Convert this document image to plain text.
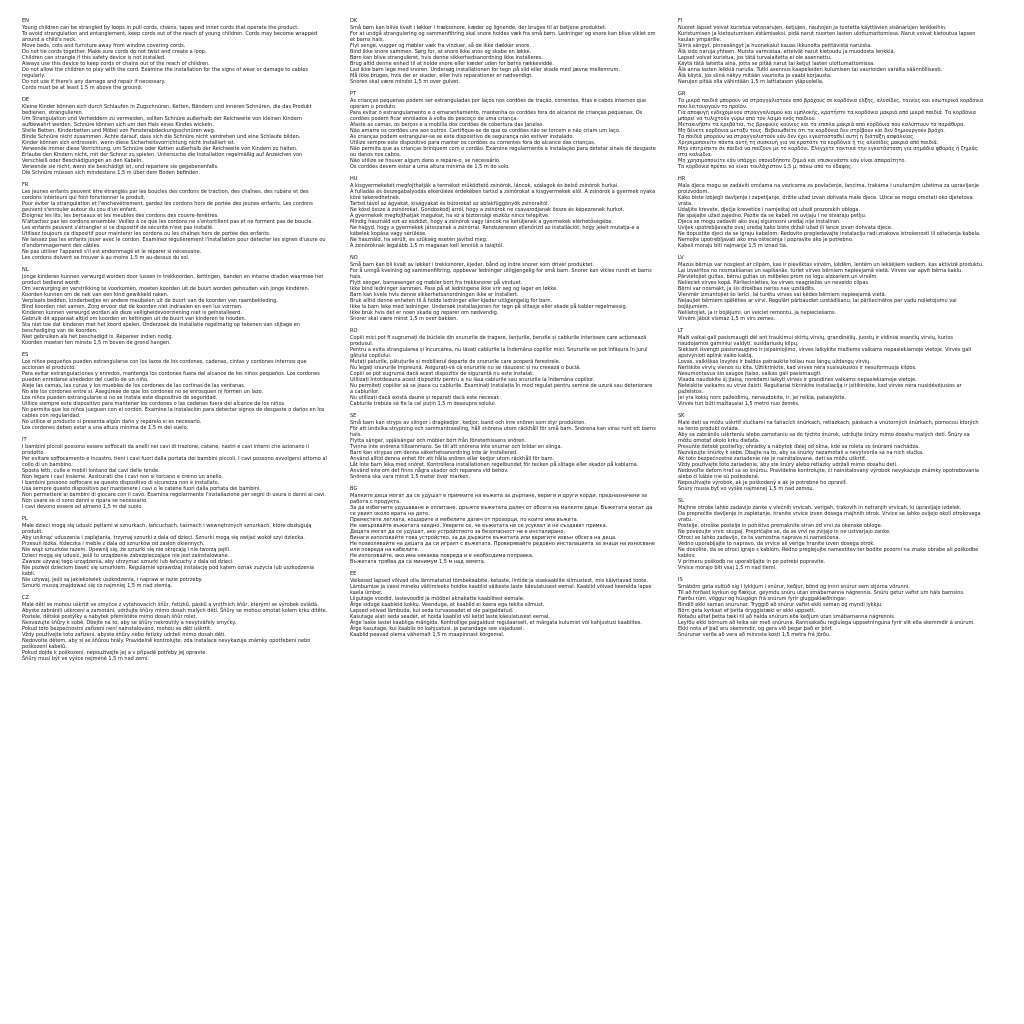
EN
Young children can be strangled by loops in pull cords, chains, tapes and inner cords that operate the product.
To avoid strangulation and entanglement, keep cords out of the reach of young children. Cords may become wrapped around a child's neck.
Move beds, cots and furniture away from window covering cords.
Do not tie cords together. Make sure cords do not twist and create a loop.
Children can strangle if this safety device is not installed.
Always use this device to keep cords or chains out of the reach of children.
Do not allow the children to play with the cord. Examine the installation for the signs of wear or damage to cables regularly.
Do not use if there's any damage and repair if necessary.
Cords must be at least 1.5 m above the ground.
DE
Kleine Kinder können sich durch Schlaufen in Zugschnüren, Ketten, Bändern und inneren Schnüren, die das Produkt bedienen, strangulieren.
Um Strangulation und Verheddern zu vermeiden, sollten Schnüre außerhalb der Reichweite von kleinen Kindern aufbewahrt werden. Schnüre können sich um den Hals eines Kindes wickeln.
Stelle Betten, Kinderbetten und Möbel von Fensterabdeckungsschnüren weg.
Binde Schnüre nicht zusammen. Achte darauf, dass sich die Schnüre nicht verdrehen und eine Schlaufe bilden.
Kinder können sich erdrosseln, wenn diese Sicherheitsvorrichtung nicht installiert ist.
Verwende immer diese Vorrichtung, um Schnüre oder Ketten außerhalb der Reichweite von Kindern zu halten.
Erlaube den Kindern nicht, mit der Schnur zu spielen. Untersuche die Installation regelmäßig auf Anzeichen von Verschleiß oder Beschädigungen an den Kabeln.
Verwende sie nicht, wenn sie beschädigt ist, und repariere sie gegebenenfalls.
Die Schnüre müssen sich mindestens 1,5 m über dem Boden befinden.
FR
Les jeunes enfants peuvent être étranglés par les boucles des cordons de traction, des chaînes, des rubans et des cordons intérieurs qui font fonctionner le produit.
Pour éviter la strangulation et l'enchevêtrement, gardez les cordons hors de portée des jeunes enfants. Les cordons peuvent s'enrouler autour du cou d'un enfant.
Éloignez les lits, les berceaux et les meubles des cordons des couvre-fenêtres.
N'attachez pas les cordons ensemble. Veillez à ce que les cordons ne s'entortillent pas et ne forment pas de boucle.
Les enfants peuvent s'étrangler si ce dispositif de sécurité n'est pas installé.
Utilisez toujours ce dispositif pour maintenir les cordons ou les chaînes hors de portée des enfants.
Ne laissez pas les enfants jouer avec le cordon. Examinez régulièrement l'installation pour détecter les signes d'usure ou d'endommagement des câbles.
Ne pas utiliser l'appareil s'il est endommagé et le réparer si nécessaire.
Les cordons doivent se trouver à au moins 1,5 m au-dessus du sol.
NL
Jonge kinderen kunnen verwurgd worden door lussen in trekkoorden, kettingen, banden en interne draden waarmee het product bediend wordt.
Om verwurging en verstrikking te voorkomen, moeten koorden uit de buurt worden gehouden van jonge kinderen. Koorden kunnen om de nek van een kind gewikkeld raken.
Verplaats bedden, kinderbedjes en andere meubelen uit de buurt van de koorden van raambekleding.
Bind koorden niet samen. Zorg ervoor dat de koorden niet indraaien en een lus vormen.
Kinderen kunnen verwurgd worden als deze veiligheidsvoorziening niet is geïnstalleerd.
Gebruik dit apparaat altijd om koorden en kettingen uit de buurt van kinderen te houden.
Sta niet toe dat kinderen met het koord spelen. Onderzoek de installatie regelmatig op tekenen van slijtage en beschadiging van de koorden.
Niet gebruiken als het beschadigd is. Repareer indien nodig.
Koorden moeten ten minste 1,5 m boven de grond hangen.
ES
Los niños pequeños pueden estrangularse con los lazos de los cordones, cadenas, cintas y cordones internos que accionan el producto.
Para evitar estrangulaciones y enredos, mantenga los cordones fuera del alcance de los niños pequeños. Los cordones pueden enredarse alrededor del cuello de un niño.
Aleje las camas, las cunas y los muebles de los cordones de las cortinas de las ventanas.
No ate los cordones entre sí. Asegúrese de que los cordones no se enrosquen ni formen un lazo.
Los niños pueden estrangularse si no se instala este dispositivo de seguridad.
Utilice siempre este dispositivo para mantener los cordones o las cadenas fuera del alcance de los niños.
No permita que los niños jueguen con el cordón. Examine la instalación para detectar signos de desgaste o daños en los cables con regularidad.
No utilice el producto si presenta algún daño y repárelo si es necesario.
Los cordones deben estar a una altura mínima de 1,5 m del suelo.
IT
I bambini piccoli possono essere soffocati da anelli nei cavi di trazione, catene, nastri e cavi interni che azionano il prodotto.
Per evitare soffocamento e incastro, tieni i cavi fuori dalla portata dei bambini piccoli. I cavi possono avvolgersi attorno al collo di un bambino.
Sposta letti, culle e mobili lontano dai cavi delle tende.
Non legare i cavi insieme. Assicurati che i cavi non si torcano e creino un anello.
I bambini possono soffocare se questo dispositivo di sicurezza non è installato.
Usa sempre questo dispositivo per mantenere i cavi o le catene fuori dalla portata dei bambini.
Non permettere ai bambini di giocare con il cavo. Esamina regolarmente l'installazione per segni di usura o danni ai cavi.
Non usare se ci sono danni e ripara se necessario.
I cavi devono essere ad almeno 1,5 m dal suolo.
PL
Małe dzieci mogą się udusić pętlami w sznurkach, łańcuchach, taśmach i wewnętrznych sznurkach, które obsługują produkt.
Aby uniknąć uduszenia i zaplątania, trzymaj sznurki z dala od dzieci. Sznurki mogą się owijać wokół szyi dziecka.
Przesuń łóżka, łóżeczka i meble z dala od sznurków od zasłon okiennych.
Nie wiąż sznurków razem. Upewnij się, że sznurki się nie skręcają i nie tworzą pętli.
Dzieci mogą się udusić, jeśli to urządzenie zabezpieczające nie jest zainstalowane.
Zawsze używaj tego urządzenia, aby utrzymać sznurki lub łańcuchy z dala od dzieci.
Nie pozwól dzieciom bawić się sznurkiem. Regularnie sprawdzaj instalację pod kątem oznak zużycia lub uszkodzenia kabli.
Nie używaj, jeśli są jakiekolwiek uszkodzenia, i napraw w razie potrzeby.
Sznurki muszą znajdować się co najmniej 1,5 m nad ziemią.
CZ
Malé děti se mohou uškrtit ve smyčce z vytahovacích šňůr, řetízků, pásků a vnitřních šňůr, kterými se výrobek ovládá.
Abyste zabránili uškrcení a zamotání, udržujte šňůry mimo dosah malých dětí. Šňůry se mohou omotat kolem krku dítěte.
Postele, dětské postýlky a nábytek přemístěte mimo dosah šňůr rolet.
Nesvazujte šňůry k sobě. Dbejte na to, aby se šňůry nekroutily a nevytvářely smyčky.
Pokud toto bezpečnostní zařízení není nainstalováno, mohou se děti uškrtit.
Vždy používejte toto zařízení, abyste šňůry nebo řetízky udrželi mimo dosah dětí.
Nedovolte dětem, aby si se šňůrou hrály. Pravidelně kontrolujte, zda instalace nevykazuje známky opotřebení nebo poškození kabelů.
Pokud dojde k poškození, nepoužívejte jej a v případě potřeby jej opravte.
Šňůry musí být ve výšce nejméně 1,5 m nad zemí.
DK
Små børn kan blive kvalt i løkker i trækssnore, kæder og lignende, der bruges til at betjene produktet.
For at undgå strangulering og sammenfiltring skal snore holdes væk fra små børn. Ledninger og snore kan blive viklet om et barns hals.
Flyt senge, vugger og møbler væk fra vinduer, så de ikke dækker snore.
Bind ikke snore sammen. Sørg for, at snore ikke snos og skabe en løkke.
Børn kan blive stranguleret, hvis denne sikkerhedsanordning ikke installeres.
Brug altid denne enhed til at holde snore eller kæder uden for børns rækkevidde.
Lad ikke børn lege med snoren. Undersøg installationen for tegn på slid eller skade med jævne mellemrum.
Må ikke bruges, hvis der er skader, eller hvis reparationer er nødvendigt.
Snoren skal være mindst 1,5 m over gulvet.
PT
As crianças pequenas podem ser estranguladas por laços nos cordões de tração, correntes, fitas e cabos internos que operam o produto.
Para evitar o estrangulamento e o emaranhamento, mantenha os cordões fora do alcance de crianças pequenas. Os cordões podem ficar enrolados à volta do pescoço de uma criança.
Afaste as camas, os berços e a mobília dos cordões de cobertura das janelas.
Não amarre os cordões uns aos outros. Certifique-se de que os cordões não se torcem e não criam um laço.
As crianças podem estrangular-se se este dispositivo de segurança não estiver instalado.
Utilize sempre este dispositivo para manter os cordões ou correntes fora do alcance das crianças.
Não permita que as crianças brinquem com o cordão. Examine regularmente a instalação para detetar sinais de desgaste ou danos nos cabos.
Não utilize se houver algum dano e repare-o, se necessário.
Os cordões devem estar a uma altura mínima de 1,5 m do solo.
HU
A kisgyermekeket megfojthatják a terméket működtető zsinórok, láncok, szalagok és belső zsinórok hurkai.
A fulladás és összegabalyodás elkerülése érdekében tartsd a zsinórokat a kisgyermekek elől. A zsinórok a gyermek nyaka köré tekeredhetnek.
Tartsd távol az ágyakat, kiságyakat és bútorokat az ablakfüggönyök zsinóraitól.
Ne kösd össze a zsinórokat. Gondoskodj arról, hogy a zsinórok ne csavarodjanak össze és képezzenek hurkot.
A gyermekek megfojthatják magukat, ha ez a biztonsági eszköz nincs telepítve.
Mindig használd ezt az eszközt, hogy a zsinórok vagy láncok ne kerüljenek a gyermekek elérhetőségébe.
Ne hagyd, hogy a gyermekek játsszanak a zsinórral. Rendszeresen ellenőrizd az installációt, hogy jeleit mutatja-e a kábelek kopása vagy sérülése.
Ne használd, ha sérült, és szükség esetén javítsd meg.
A zsinóroknak legalább 1,5 m magasan kell lenniük a talajtól.
NO
Små barn kan bli kvalt av løkker i trekksnorer, kjeder, bånd og indre snorer som driver produktet.
For å unngå kvelning og sammenfiltring, oppbevar ledninger utilgjengelig for små barn. Snorer kan vikles rundt et barns hals.
Flytt senger, barnesenger og møbler bort fra trekksnorer på vinduet.
Ikke bind ledninger sammen. Pass på at ledningene ikke vrir seg og lager en løkke.
Barn kan kvele hvis denne sikkerhetsanordningen ikke er installert.
Bruk alltid denne enheten til å holde ledninger eller kjeder utilgjengelig for barn.
Ikke la barn leke med ledninger. Undersøk installasjonen for tegn på slitasje eller skade på kabler regelmessig.
Ikke bruk hvis det er noen skade og reparer om nødvendig.
Snorer skal være minst 1,5 m over bakken.
RO
Copiii mici pot fi sugrumați de buclele din snururile de tragere, lanțurile, benzile și cablurile interioare care acționează produsul.
Pentru a evita strangularea și încurcarea, nu lăsați cablurile la îndemâna copiilor mici. Snururile se pot înfășura în jurul gâtului copilului.
Mutați paturile, pătuțurile și mobilierul departe de snururile care acoperă ferestrele.
Nu legați snururile împreună. Asigurați-vă că snururile nu se răsucesc și nu creează o buclă.
Copiii se pot sugruma dacă acest dispozitiv de siguranță nu este instalat.
Utilizați întotdeauna acest dispozitiv pentru a nu lăsa cablurile sau snururile la îndemâna copiilor.
Nu permiteți copiilor să se joace cu cablurile. Examinați instalația în mod regulat pentru semne de uzură sau deteriorare a cablurilor.
Nu utilizați dacă există daune și reparați dacă este necesar.
Cablurile trebuie să fie la cel puțin 1,5 m deasupra solului.
SE
Små barn kan stryps av slingor i dragkedjor, kedjor, band och inre snören som styr produkten.
För att undvika strypning och sammantrassling, håll snörena utom räckhåll för små barn. Snörena kan viras runt ett barns hals.
Flytta sängar, spjälsängar och möbler bort från fönsterhissens snören.
Tvinna inte snörena tillsammans. Se till att snörena inte snurrar och bildar en slinga.
Barn kan strypas om denna säkerhetsanordning inte är installerad.
Använd alltid denna enhet för att hålla snören eller kedjor utom räckhåll för barn.
Låt inte barn leka med snöret. Kontrollera installationen regelbundet för tecken på slitage eller skador på kablarna.
Använd inte om det finns några skador och reparera vid behov.
Snörena ska vara minst 1,5 meter över marken.
BG
Малките деца могат да се удушат в примките на въжета за дърпане, вериги и други корди, предназначени за работа с продукта.
За да избегнете удушаване и оплитане, дръжте въжетата далеч от обсега на малките деца. Въжетата могат да се увият около врата на дете.
Преместете леглата, кошарите и мебелите далеч от прозорци, по които има въжета.
Не завързвайте въжетата заедно. Уверете се, че въжетата не се усукват и не създават примка.
Децата могат да се удушат, ако устройството за безопасност не е инсталирано.
Винаги използвайте това устройство, за да държите въжетата или веригите извън обсега на деца.
Не позволявайте на децата да си играят с въжетата. Проверявайте редовно инсталацията за знаци на износване или повреда на кабелите.
Не използвайте, ако има някаква повреда и е необходима поправка.
Въжетата трябва да са минимум 1,5 м над земята.
EE
Väikesed lapsed võivad olla lämmatatud tõmbekaabite, ketaste, lintide ja sisekaablite silmustest, mis käivitavad toote.
Lämbumise ja vassi mineku vältimiseks hoidke kaablid väikeste laste käeulatusest eemal. Kaablid võivad keerelda lapse kaela ümber.
Liigutage voodid, lastevoodid ja mööbel aknakatte kaablitest eemale.
Ärge siduge kaableid kokku. Veenduge, et kaablid ei keera ega tekita silmust.
Lapsed võivad lämbuda, kui seda turvaseadet ei ole paigaldatud.
Kasutage alati seda seadet, et hoida kaablid või ketid laste käeulatusest eemal.
Ärge laske lastel kaabliga mängida. Kontrollige paigaldust regulaarselt, et märgata kulumist või kahjustusi kaablites.
Ärge kasutage, kui kaablis on kahjustusi, ja parandage see vajadusel.
Kaablid peavad olema vähemalt 1,5 m maapinnast kõrgemal.
FI
Nuoret lapset voivat kuristua vetonarujen, ketjujen, nauhojen ja tuotetta käyttävien sisänarujen lenkkeihin.
Kuristumisen ja kietoutumisen estämiseksi, pidä narut nuorten lasten ulottumattomissa. Narut voivat kietoutua lapsen kaulan ympärille.
Siirrä sängyt, pinnasängyt ja huonekalut kauas ikkunoita peittävistä naruista.
Älä sido naruja yhteen. Muista varmistaa, etteivät narut kietoudu ja muodosta lenkkiä.
Lapset voivat kuristua, jos tätä turvalaitetta ei ole asennettu.
Käytä tätä laitetta aina, jotta se pitää narut tai ketjut lasten ulottumattomissa.
Älä anna lasten leikkiä narulla. Tutki asennus kaapeleiden kulumisen tai vaurioiden varalta säännöllisesti.
Älä käytä, jos siinä näkyy mitään vaurioita ja vaabi korjausta.
Narujen pitää olla vähintään 1,5 m lattiatason yläpuolella.
GR
Τα μικρά παιδιά μπορούν να στραγγαλιστούν από βρόχους σε κορδόνια έλξης, αλυσίδες, ταινίες και εσωτερικά κορδόνια που λειτουργούν το προϊόν.
Για αποφυγή ενδεχόμενου στραγγαλισμού και εμπλοκής, κρατήστε τα κορδόνια μακριά από μικρά παιδιά. Τα κορδόνια μπορεί να τυλιχτούν γύρω από τον λαιμό ενός παιδιού.
Μετακινήστε τα κρεβάτια, τις βρεφικές κούνιες και τα έπιπλα μακριά από κορδόνια που καλύπτουν τα παράθυρα.
Μη δένετε κορδόνια μεταξύ τους. Βεβαιωθείτε ότι τα κορδόνια δεν στρίβουν και δεν δημιουργούν βρόχο.
Τα παιδιά μπορούν να στραγγαλιστούν εάν δεν έχει εγκατασταθεί αυτή η διάταξη ασφαλείας.
Χρησιμοποιείτε πάντα αυτή τη συσκευή για να κρατάτε τα κορδόνια ή τις αλυσίδες μακριά από παιδιά.
Μην επιτρέπετε σε παιδιά να παίζουν με το κορδόνι. Ελέγχετε τακτικά την εγκατάσταση για σημάδια φθοράς ή ζημιάς στα καλώδια.
Μη χρησιμοποιείτε εάν υπάρχει οποιαδήποτε ζημιά και επισκευάστε εάν είναι απαραίτητο.
Τα κορδόνια πρέπει να είναι τουλάχιστον 1,5 μ. πάνω από το έδαφος.
HR
Mala djeca mogu se zadaviti omčama na vezicama za povlačenje, lancima, trakama i unutarnjim užetima za upravljanje proizvodom.
Kako biste izbjegli davljenje i zapetljanje, držite užad izvan dohvata male djece. Užice se mogu omotati oko djetetova vrata.
Udaljite krevete, dječje krevetiće i namještaj od užadi prozorskih obloga.
Ne spajajte užad zajedno. Pazite da se kabeli ne uvijaju i ne stvaraju petlju.
Djeca se mogu zadaviti ako ovaj sigurnosni uređaj nije instaliran.
Uvijek upotrebljavajte ovaj uređaj kako biste držali užad ili lance izvan dohvata djece.
Ne dopustite djeci da se igraju kabelom. Redovito pregledavajte instalaciju radi znakova istrošenosti ili oštećenja kabela.
Nemojte upotrebljavati ako ima oštećenja i popravite ako je potrebno.
Kabeli moraju biti najmanje 1,5 m iznad tla.
LV
Mazus bērnus var nosgiest ar cilpām, kas ir pievilktas virvēm, ķēdēm, lentēm un iekšējiem vadiem, kas aktivizē produktu.
Lai izvairītos no nosmakšanas un sapīšanās, turiet virves bērniem nepieejamā vietā. Virves var apvīt bērna kaklu.
Pārvietojiet gultas, bērnu gultas un mēbeles prom no logu aizkariem un virvēm.
Nelieciet virves kopā. Pārliecinieties, ka virves neagriežas un neveido cilpas.
Bērni var nosmakt, ja šis drošības neriss nav uzstādīts.
Vienmēr izmantojiet šo ierīci, lai turētu virves vai ķēdes bērniem nepieejamā vietā.
Neļaujiet bērniem spēlēties ar virvi. Regulāri pārbaudiet uzstādīšanu, lai pārliecinātos par vadu nolietojumu vai bojājumiem.
Neliietojiet, ja ir bojājumi, un veiciet remontu, ja nepieciešams.
Virvēm jābūt vismaz 1,5 m virs zemes.
LT
Maži vaikai gali pasismaugti dėl ant traukimui skirtų virvių, grandinėlių, juostų ir vidiniai esančių virvių, kurios naudojamos gaminiui valdyti, susidariusių kilpų.
Siekiant išvengti pasismaugimo ir įsipainiojimo, virves laikykite mažiems vaikams nepasiekiamoje vietoje. Virvės gali apsivynioti aplink vaiko kaklą.
Lovas, vaikiškas lovytes ir baldus patraukite toliau nuo langų uždangų virvių.
Neriškite virvių vienos su kita. Užtikrinkite, kad virves nėra susisukusios ir nesuformuoja kilpos.
Nesumontavus šio saugos įtaiso, vaikas gali pasismaugti.
Visada naudokite šį įtaisą, norėdami laikyti virves ir grandines vaikams nepasiekiamoje vietoje.
Neleiskite vaikams su virve žaisti. Reguliariai tikrinkite instaliaciją ir įsitikinkite, kad virves nėra nusidėvėjusios ar pažeistos.
Jei yra kokių nors pažeidimų, nenaudokite, ir, jei reikia, pataisykite.
Virvės turi būti mažiausiai 1,5 metro nuo žemės.
SK
Malé deti sa môžu uškrtiť slučkami na ťahacích šnúrkach, retiazkach, páskach a vnútorných šnúrkach, pomocou ktorých sa tento produkt ovláda.
Aby sa zabránilo uškrteniu alebo zamotaniu sa do týchto šnúrok, udržujte šnúry mimo dosahu malých detí. Šnúry sa môžu omotať okolo krku dieťaťa.
Presuňte detské postieľky, ohrádky a nábytok ďalej od okna, kde sa roleta so šnúrami nachádza.
Nezväzujte šnúrky k sebe. Dbajte na to, aby sa šnúrky nezamotali a nevytvorila sa na nich slučka.
Ak toto bezpečnostné zariadenie nie je nainštalované, deti sa môžu uškrtiť.
Vždy používajte toto zariadenie, aby ste šnúry alebo retiazky udržali mimo dosahu detí.
Nedovoľte deťom hrať sa so šnúrou. Pravidelne kontrolujte, či nainštalovaný výrobok nevykazuje známky opotrebovania alebo či káble nie sú poškodené.
Nepoužívajte výrobok, ak je poškodený a ak je potrebné ho opraviť.
Šnúry musia byť vo výške najmenej 1,5 m nad zemou.
SL
Majhne otroke lahko zadavijo zanke v vlečnih vrvicah, verigah, trakovih in notranjih vrvicah, ki upravljajo izdelek.
Da preprečite davljenje in zapletanje, hranite vrvice izven dosega majhnih otrok. Vrvice se lahko ovijejo okoli otrokovega vratu.
Postelje, otroške postelje in pohištvo premaknite stran od vrvi za okenske obloge.
Ne povezujte vrvic skupaj. Prepričajte se, da se vrvi ne zvijajo in ne ustvarjajo zanke.
Otroci se lahko zadavijo, če ta varnostna naprava ni nameščena.
Vedno uporabljajte to napravo, da vrvice ali verige hranite izven dosega otrok.
Ne dovolite, da se otroci igrajo s kablom. Redno preglejujte namestitev ter bodite pozorni na znake obrabe ali poškodbe kablov.
V primeru poškodb ne uporabljajte in po potrebi popravite.
Vrvice morajo biti vsaj 1,5 m nad tlemi.
IS
Smábörn geta sultúð sig í lykkjum í snúrur, keðjur, bönd og innri snúrur sem stjórna vörunni.
Til að forðast kyrkun og flækjur, geymdu snúru utan smábarnanna nágrennis. Snúru getur vafist um háls barnsins.
Færðu rúm, vöggur og húsgögn frá snúrum fyrir gluggaklæðningar.
Bindið ekki saman snúrunar. Tryggið að snúrur vafist ekki saman og myndi lykkju.
Börn geta kyrkast ef þetta öryggistæki er ekki uppsett.
Notaðu alltaf þetta tæki til að halda snúrum eða keðjum utan smábarnanna nágrennis.
Leyfðu ekki börnum að leika sér með snúruna. Rannsakaðu reglulega uppsetninguna fyrir slit eða skemmdir á snúrum.
Ekki nota ef það eru skemmdir, og gera við þegar það er þörf.
Snúrunar verða að vera að minnsta kosti 1,5 metra frá jörðu.
